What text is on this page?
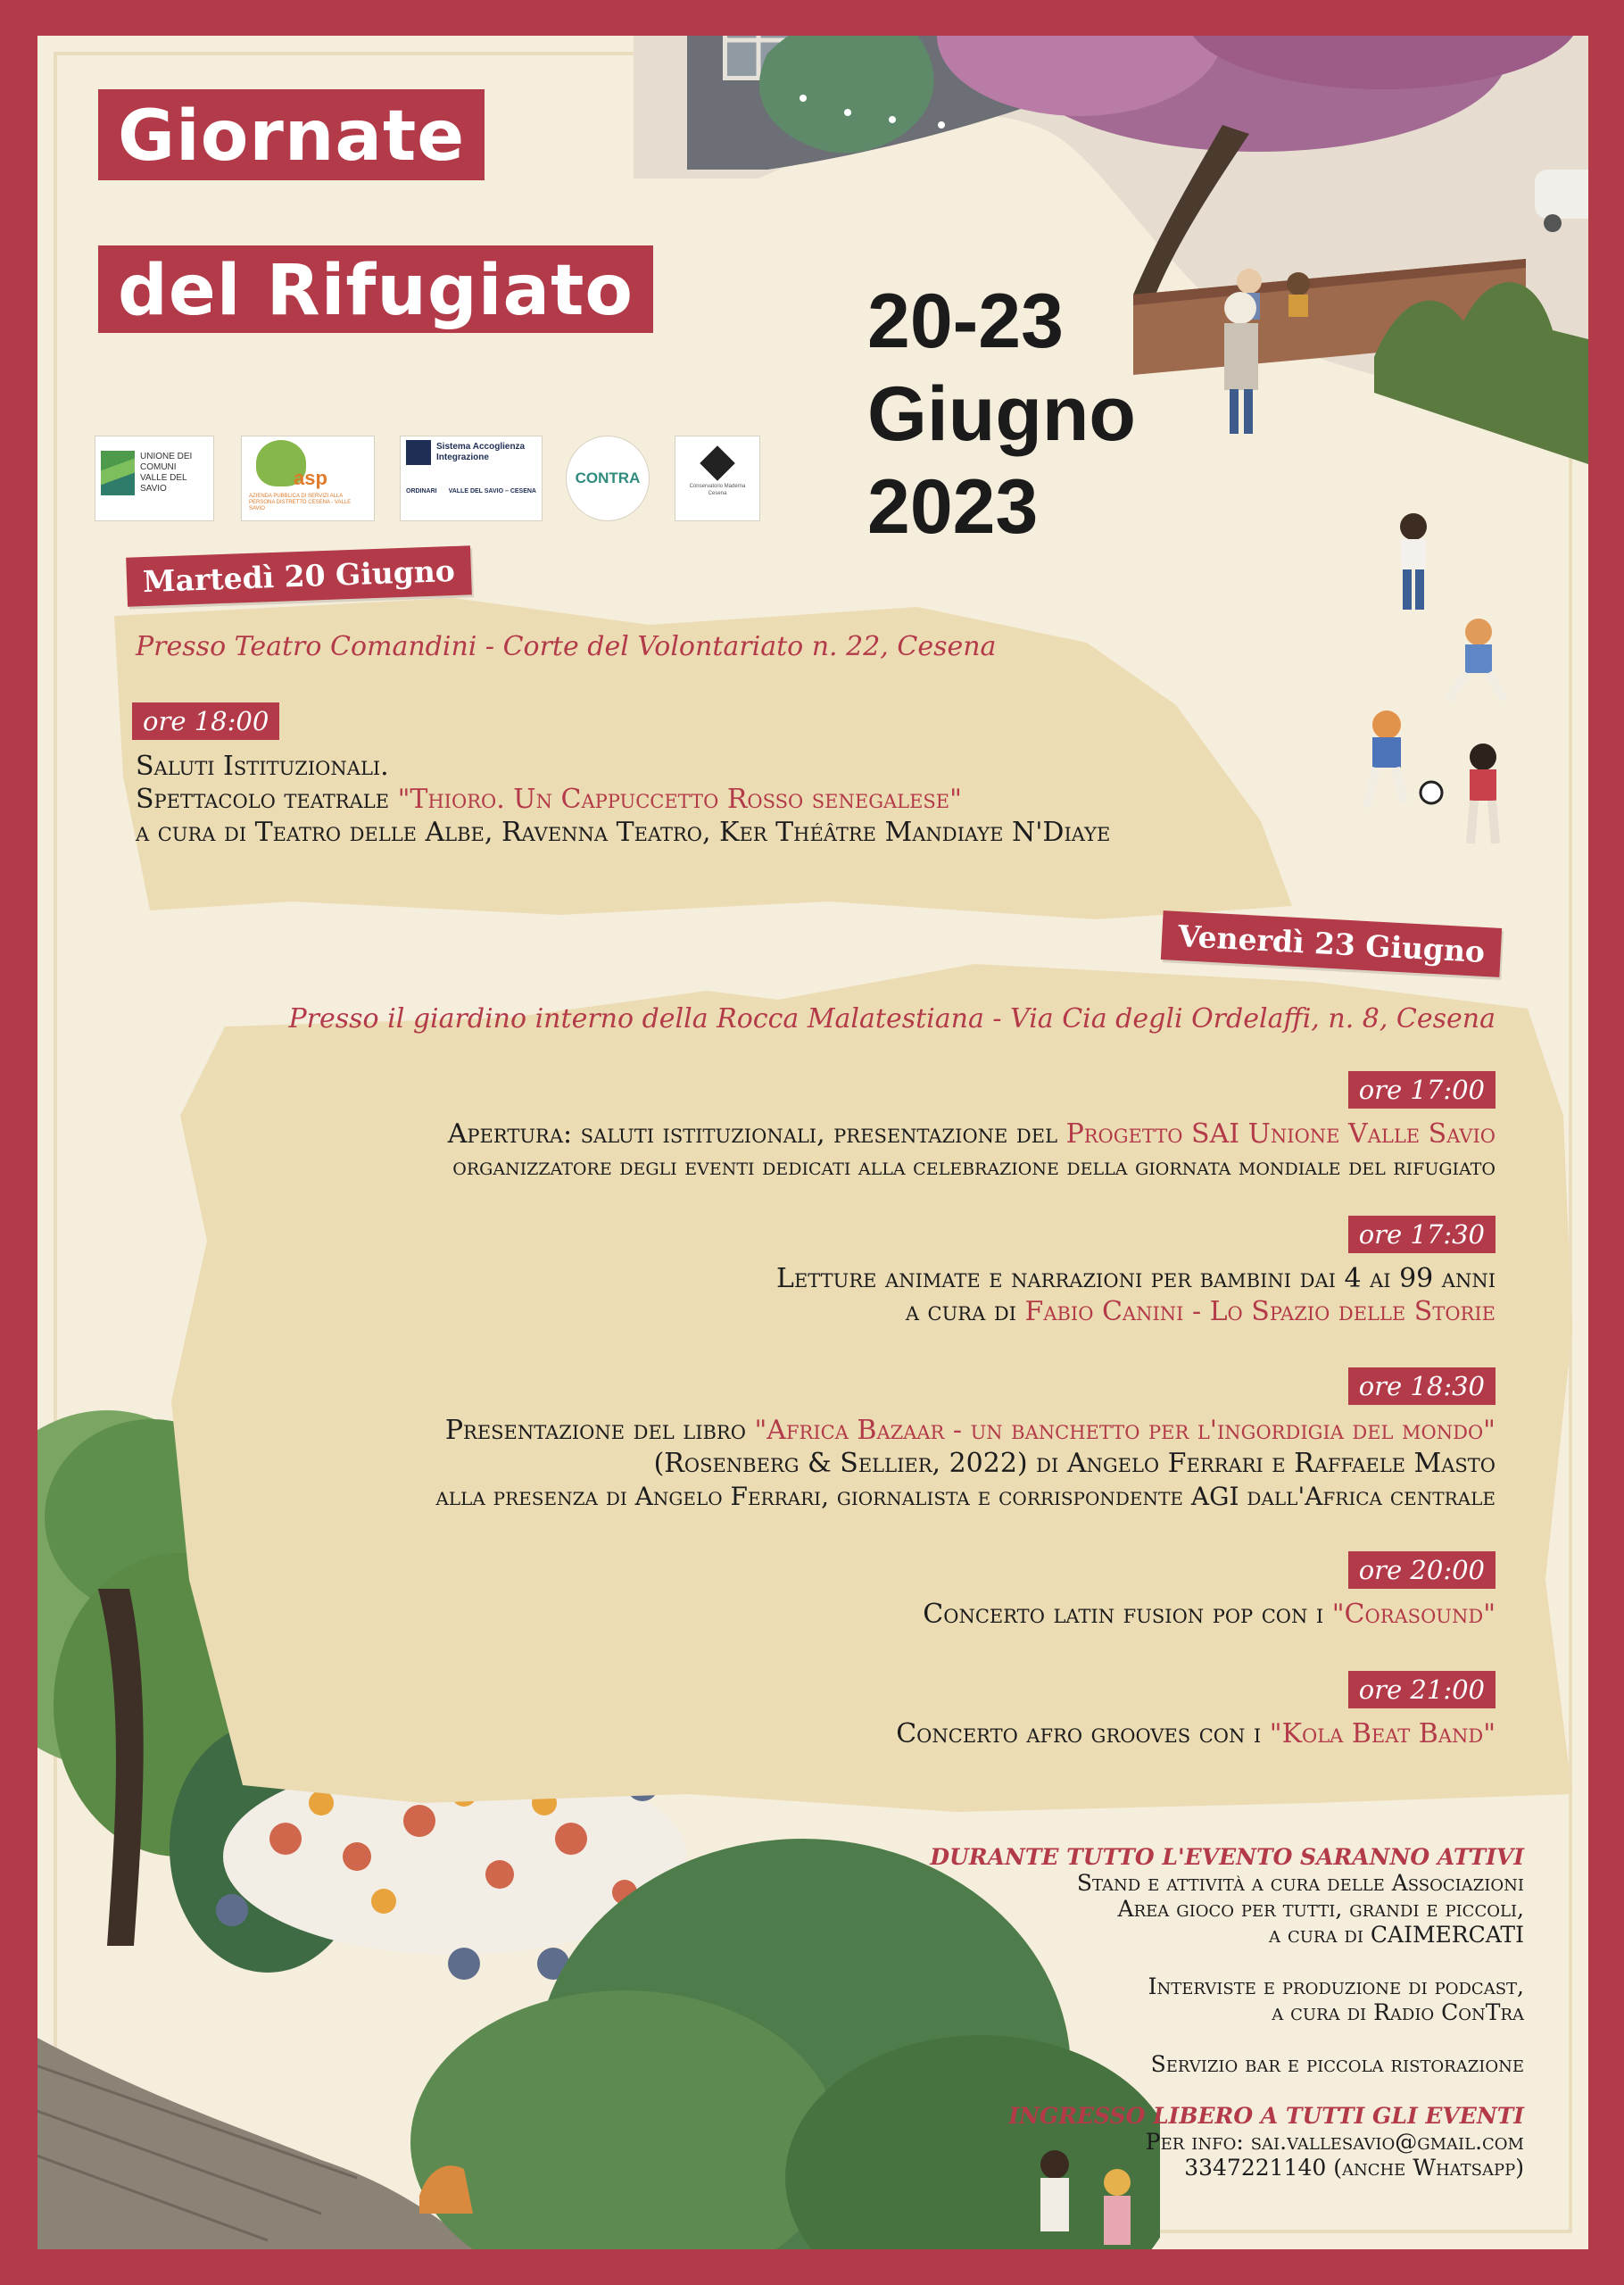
Giornate
del Rifugiato	20-23
Giugno
2023
UNIONE DEI COMUNI VALLE DEL SAVIO	asp
AZIENDA PUBBLICA DI SERVIZI ALLA PERSONA DISTRETTO CESENA - VALLE SAVIO
Sistema Accoglienza Integrazione
ORDINARI VALLE DEL SAVIO – CESENA
CONTRA	Conservatorio Maderna Cesena
Martedì 20 Giugno
Presso Teatro Comandini - Corte del Volontariato n. 22, Cesena
ore 18:00
Saluti Istituzionali.
Spettacolo teatrale "Thioro. Un Cappuccetto Rosso senegalese"
a cura di Teatro delle Albe, Ravenna Teatro, Ker Théâtre Mandiaye N'Diaye
Venerdì 23 Giugno
Presso il giardino interno della Rocca Malatestiana - Via Cia degli Ordelaffi, n. 8, Cesena
ore 17:00
Apertura: saluti istituzionali, presentazione del Progetto SAI Unione Valle Savio
organizzatore degli eventi dedicati alla celebrazione della giornata mondiale del rifugiato
ore 17:30
Letture animate e narrazioni per bambini dai 4 ai 99 anni
a cura di Fabio Canini - Lo Spazio delle Storie
ore 18:30
Presentazione del libro "Africa Bazaar - un banchetto per l'ingordigia del mondo"
(Rosenberg & Sellier, 2022) di Angelo Ferrari e Raffaele Masto
alla presenza di Angelo Ferrari, giornalista e corrispondente AGI dall'Africa centrale
ore 20:00
Concerto latin fusion pop con i "Corasound"
ore 21:00
Concerto afro grooves con i "Kola Beat Band"
DURANTE TUTTO L'EVENTO SARANNO ATTIVI
Stand e attività a cura delle Associazioni
Area gioco per tutti, grandi e piccoli,
a cura di CAIMERCATI
Interviste e produzione di podcast,
a cura di Radio ConTra
Servizio bar e piccola ristorazione
INGRESSO LIBERO A TUTTI GLI EVENTI
Per info: sai.vallesavio@gmail.com
3347221140 (anche Whatsapp)
